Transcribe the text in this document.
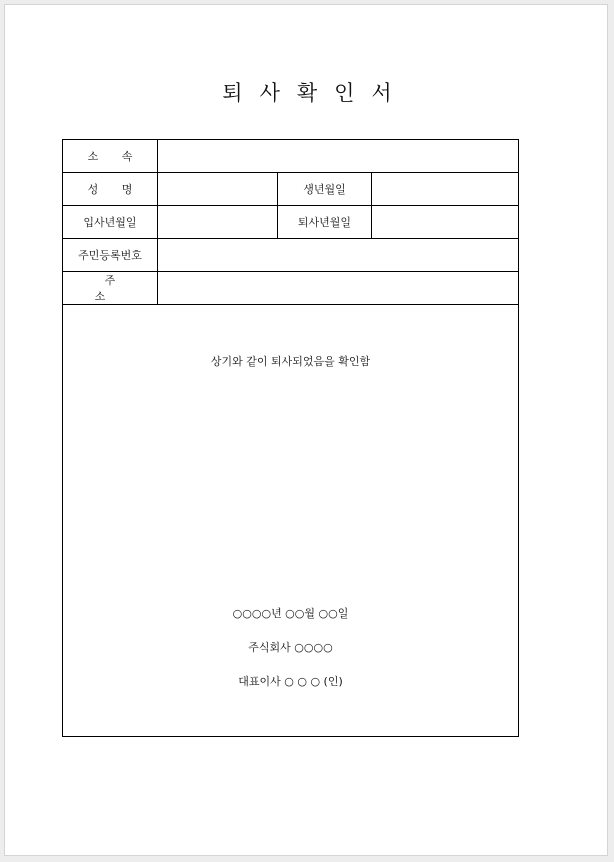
퇴사확인서
소 속			
성 명		생년월일	
입사년월일		퇴사년월일	
주민등록번호			
주 소			

상기와 같이 퇴사되었음을 확인함
○○○○년 ○○월 ○○일
주식회사 ○○○○
대표이사 ○ ○ ○ (인)			
